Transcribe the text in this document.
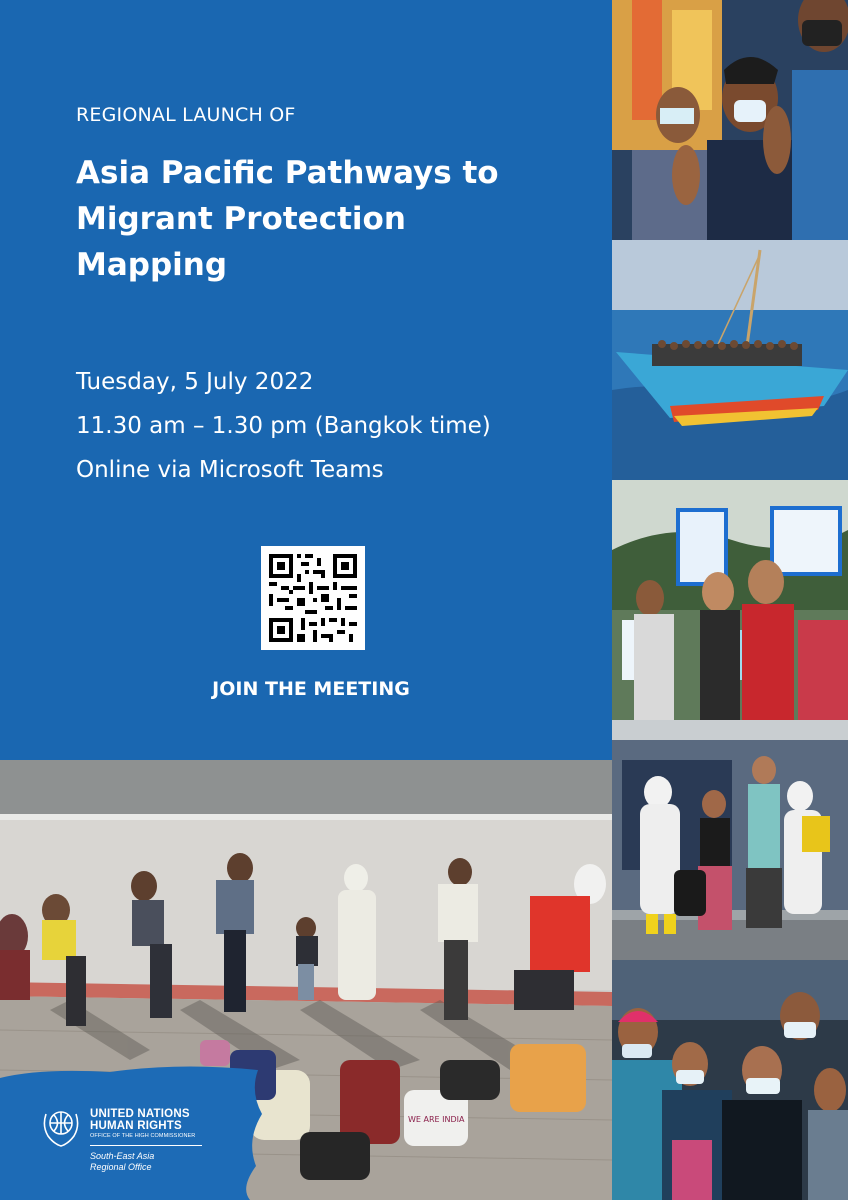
REGIONAL LAUNCH OF
Asia Pacific Pathways to
Migrant Protection
Mapping
Tuesday, 5 July 2022
11.30 am – 1.30 pm (Bangkok time)
Online via Microsoft Teams
JOIN THE MEETING
WE ARE INDIA
UNITED NATIONS
HUMAN RIGHTS
OFFICE OF THE HIGH COMMISSIONER
South-East Asia
Regional Office
